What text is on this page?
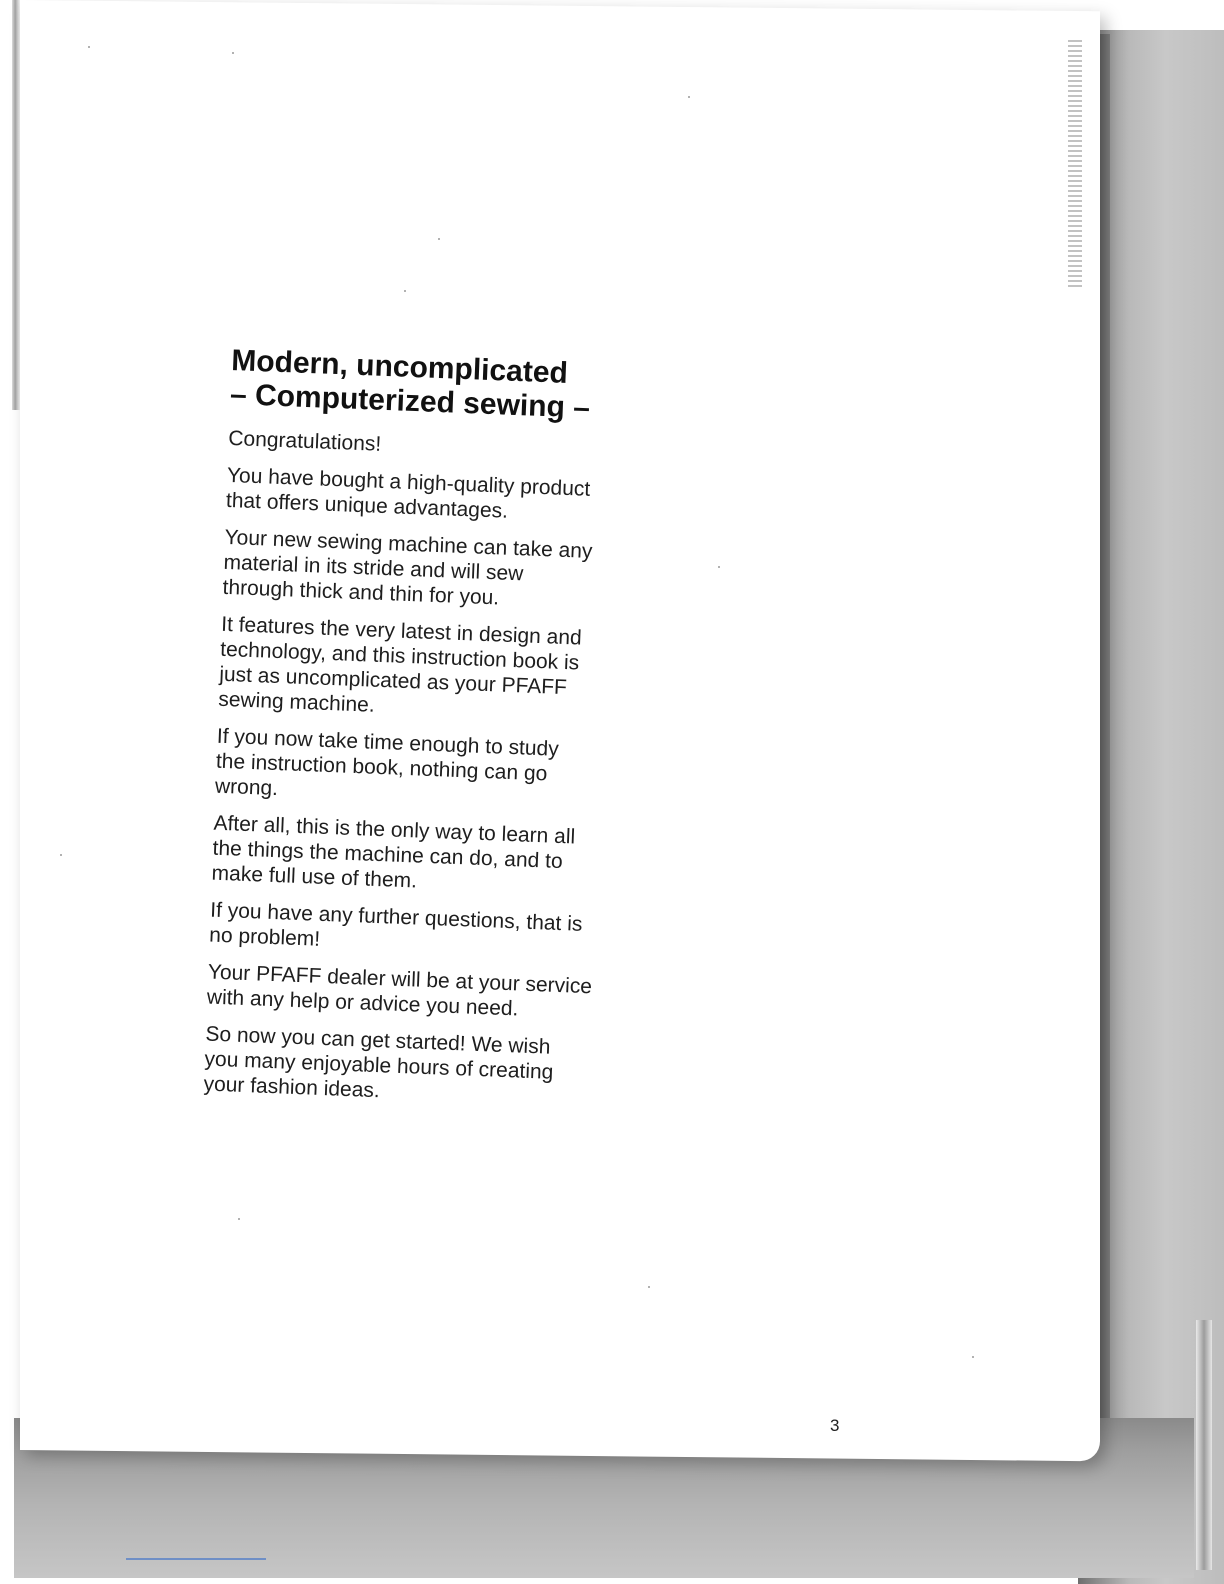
Modern, uncomplicated
– Computerized sewing –

Congratulations!

You have bought a high-quality product
that offers unique advantages.

Your new sewing machine can take any
material in its stride and will sew
through thick and thin for you.

It features the very latest in design and
technology, and this instruction book is
just as uncomplicated as your PFAFF
sewing machine.

If you now take time enough to study
the instruction book, nothing can go
wrong.

After all, this is the only way to learn all
the things the machine can do, and to
make full use of them.

If you have any further questions, that is
no problem!

Your PFAFF dealer will be at your service
with any help or advice you need.

So now you can get started! We wish
you many enjoyable hours of creating
your fashion ideas.

3
